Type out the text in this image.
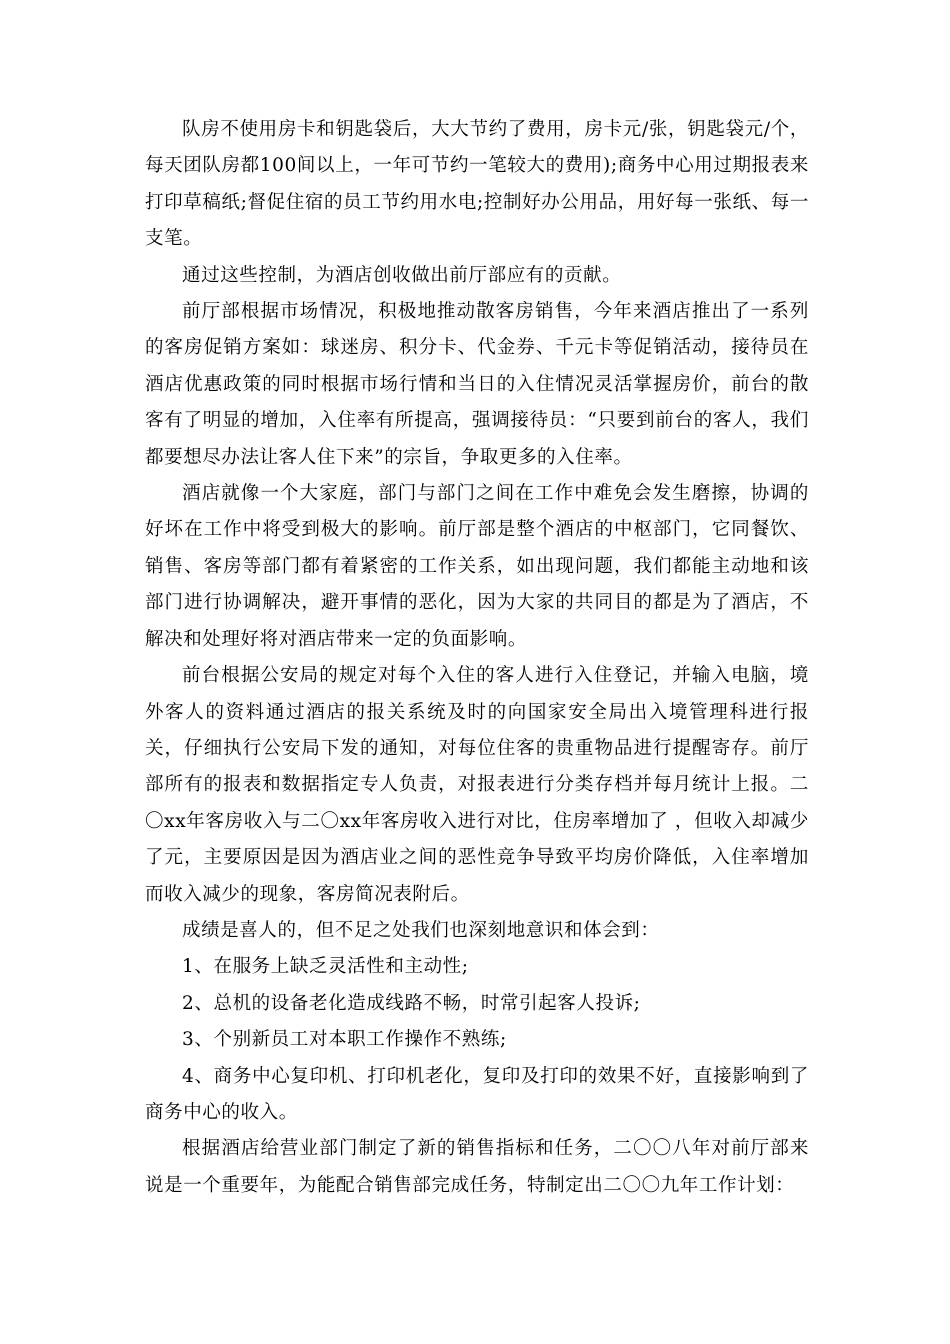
队房不使用房卡和钥匙袋后，大大节约了费用，房卡元/张，钥匙袋元/个，每天团队房都100间以上，一年可节约一笔较大的费用);商务中心用过期报表来打印草稿纸;督促住宿的员工节约用水电;控制好办公用品，用好每一张纸、每一支笔。

通过这些控制，为酒店创收做出前厅部应有的贡献。

前厅部根据市场情况，积极地推动散客房销售，今年来酒店推出了一系列的客房促销方案如：球迷房、积分卡、代金券、千元卡等促销活动，接待员在酒店优惠政策的同时根据市场行情和当日的入住情况灵活掌握房价，前台的散客有了明显的增加，入住率有所提高，强调接待员：“只要到前台的客人，我们都要想尽办法让客人住下来”的宗旨，争取更多的入住率。

酒店就像一个大家庭，部门与部门之间在工作中难免会发生磨擦，协调的好坏在工作中将受到极大的影响。前厅部是整个酒店的中枢部门，它同餐饮、销售、客房等部门都有着紧密的工作关系，如出现问题，我们都能主动地和该部门进行协调解决，避开事情的恶化，因为大家的共同目的都是为了酒店，不解决和处理好将对酒店带来一定的负面影响。

前台根据公安局的规定对每个入住的客人进行入住登记，并输入电脑，境外客人的资料通过酒店的报关系统及时的向国家安全局出入境管理科进行报关，仔细执行公安局下发的通知，对每位住客的贵重物品进行提醒寄存。前厅部所有的报表和数据指定专人负责，对报表进行分类存档并每月统计上报。二〇xx年客房收入与二〇xx年客房收入进行对比，住房率增加了 ，但收入却减少了元，主要原因是因为酒店业之间的恶性竞争导致平均房价降低，入住率增加 而收入减少的现象，客房简况表附后。

成绩是喜人的，但不足之处我们也深刻地意识和体会到：

1、在服务上缺乏灵活性和主动性;

2、总机的设备老化造成线路不畅，时常引起客人投诉;

3、个别新员工对本职工作操作不熟练;

4、商务中心复印机、打印机老化，复印及打印的效果不好，直接影响到了商务中心的收入。

根据酒店给营业部门制定了新的销售指标和任务，二〇〇八年对前厅部来说是一个重要年，为能配合销售部完成任务，特制定出二〇〇九年工作计划：
